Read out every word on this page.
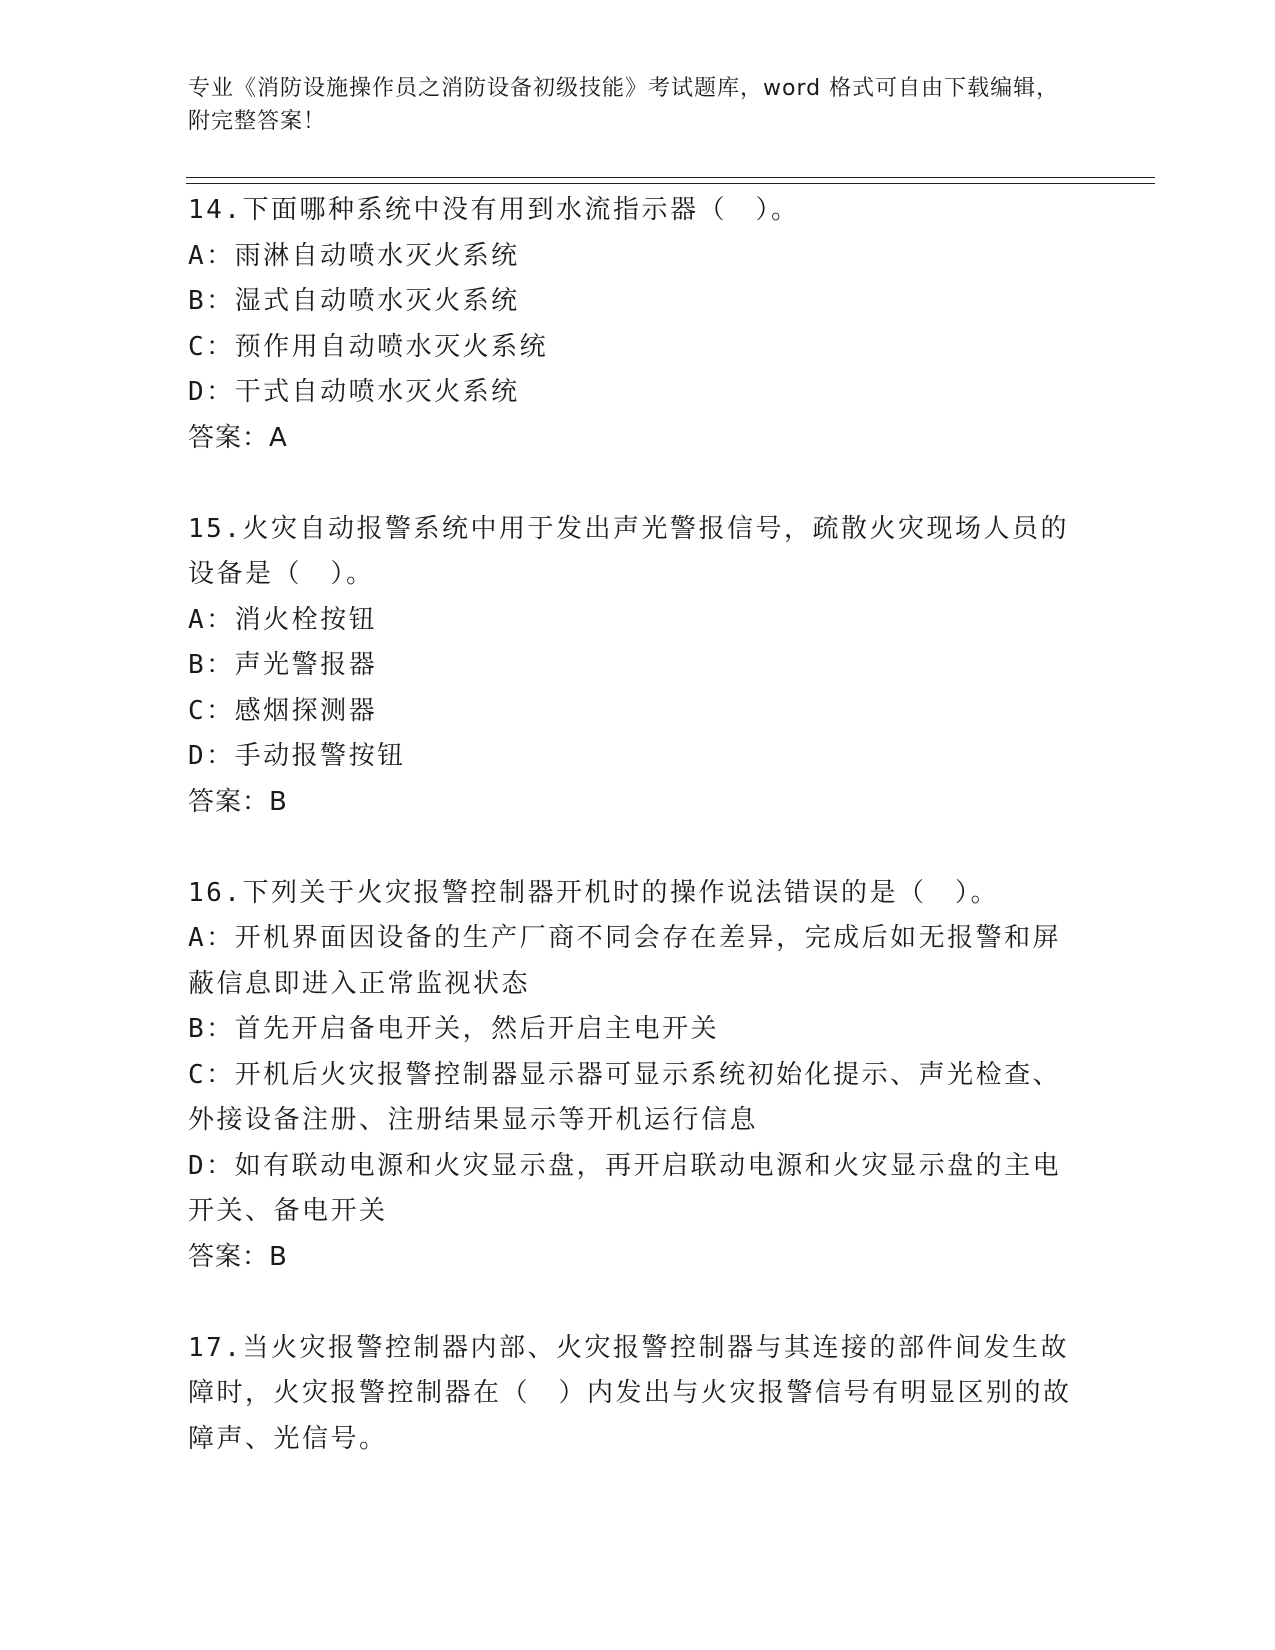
专业《消防设施操作员之消防设备初级技能》考试题库，word 格式可自由下载编辑，附完整答案！

14.下面哪种系统中没有用到水流指示器（　）。

A：雨淋自动喷水灭火系统

B：湿式自动喷水灭火系统

C：预作用自动喷水灭火系统

D：干式自动喷水灭火系统

答案：A

15.火灾自动报警系统中用于发出声光警报信号，疏散火灾现场人员的设备是（　）。

A：消火栓按钮

B：声光警报器

C：感烟探测器

D：手动报警按钮

答案：B

16.下列关于火灾报警控制器开机时的操作说法错误的是（　）。

A：开机界面因设备的生产厂商不同会存在差异，完成后如无报警和屏蔽信息即进入正常监视状态

B：首先开启备电开关，然后开启主电开关

C：开机后火灾报警控制器显示器可显示系统初始化提示、声光检查、外接设备注册、注册结果显示等开机运行信息

D：如有联动电源和火灾显示盘，再开启联动电源和火灾显示盘的主电开关、备电开关

答案：B

17.当火灾报警控制器内部、火灾报警控制器与其连接的部件间发生故障时，火灾报警控制器在（　）内发出与火灾报警信号有明显区别的故障声、光信号。
